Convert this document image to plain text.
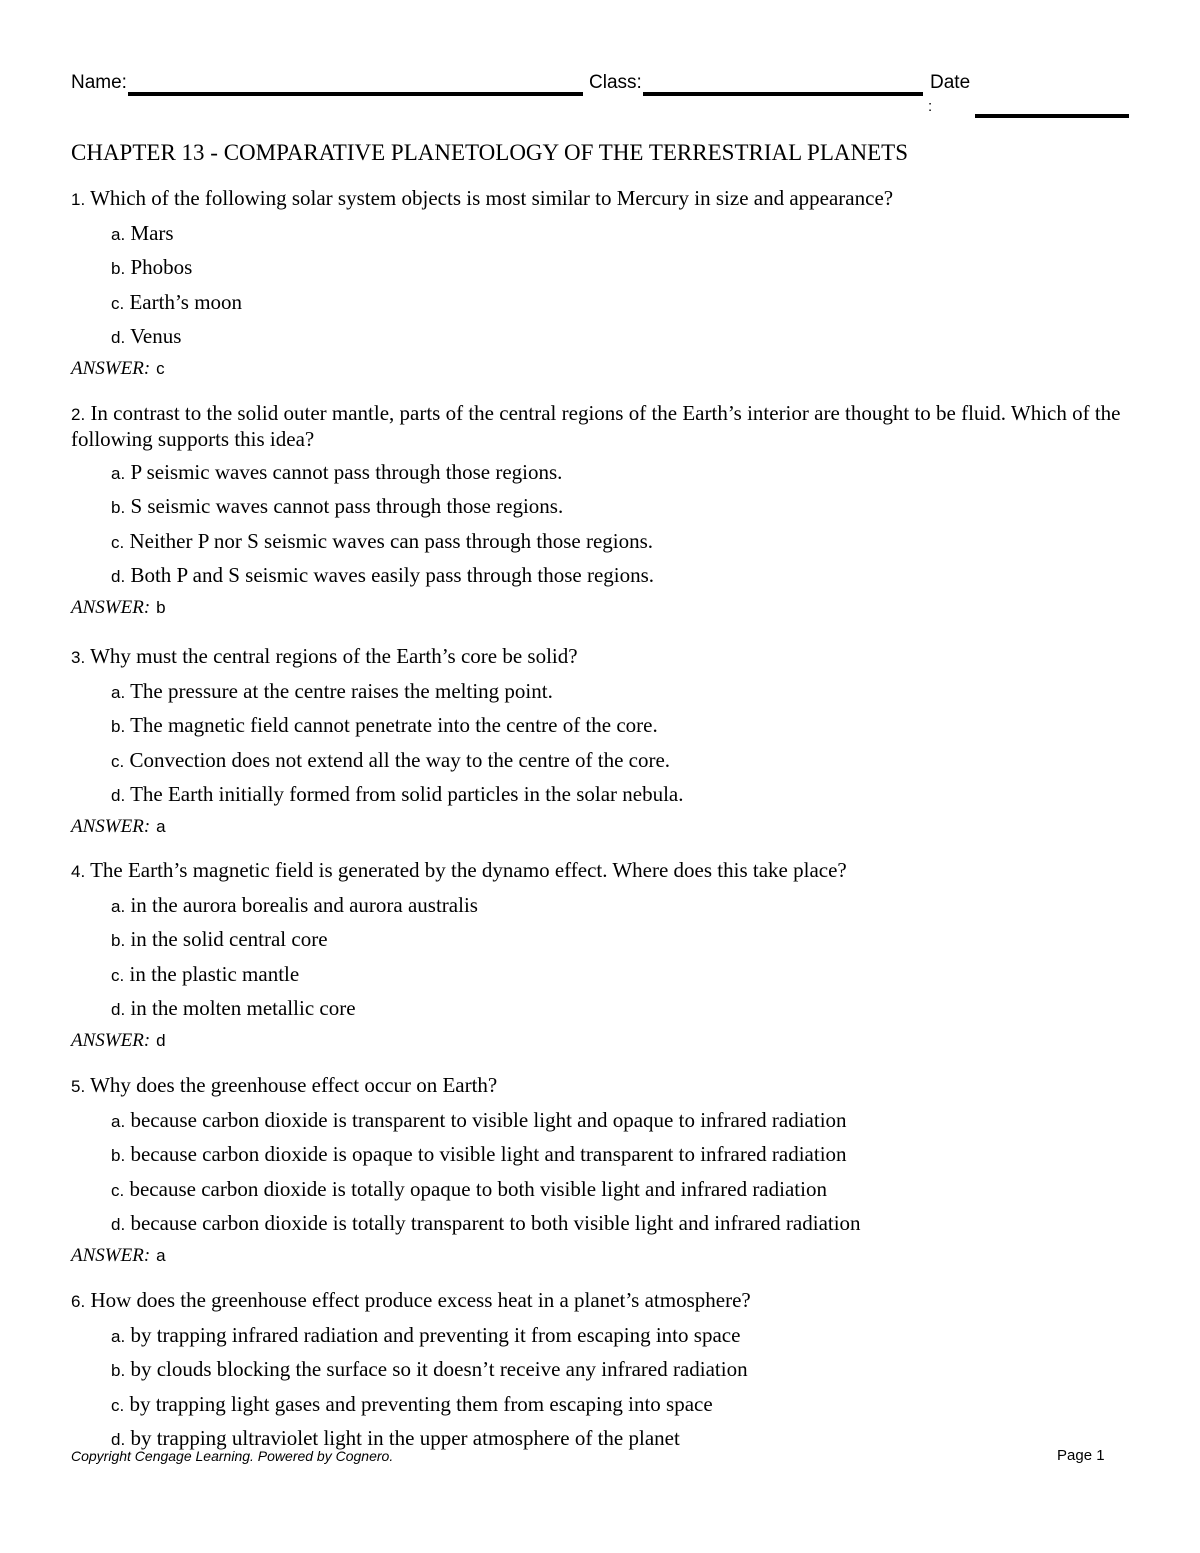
Name:	Class:	Date
:
CHAPTER 13 - COMPARATIVE PLANETOLOGY OF THE TERRESTRIAL PLANETS

1. Which of the following solar system objects is most similar to Mercury in size and appearance?

a. Mars
b. Phobos
c. Earth’s moon
d. Venus
ANSWER: c

2. In contrast to the solid outer mantle, parts of the central regions of the Earth’s interior are thought to be fluid. Which of the following supports this idea?

a. P seismic waves cannot pass through those regions.
b. S seismic waves cannot pass through those regions.
c. Neither P nor S seismic waves can pass through those regions.
d. Both P and S seismic waves easily pass through those regions.
ANSWER: b

3. Why must the central regions of the Earth’s core be solid?

a. The pressure at the centre raises the melting point.
b. The magnetic field cannot penetrate into the centre of the core.
c. Convection does not extend all the way to the centre of the core.
d. The Earth initially formed from solid particles in the solar nebula.
ANSWER: a

4. The Earth’s magnetic field is generated by the dynamo effect. Where does this take place?

a. in the aurora borealis and aurora australis
b. in the solid central core
c. in the plastic mantle
d. in the molten metallic core
ANSWER: d

5. Why does the greenhouse effect occur on Earth?

a. because carbon dioxide is transparent to visible light and opaque to infrared radiation
b. because carbon dioxide is opaque to visible light and transparent to infrared radiation
c. because carbon dioxide is totally opaque to both visible light and infrared radiation
d. because carbon dioxide is totally transparent to both visible light and infrared radiation
ANSWER: a

6. How does the greenhouse effect produce excess heat in a planet’s atmosphere?

a. by trapping infrared radiation and preventing it from escaping into space
b. by clouds blocking the surface so it doesn’t receive any infrared radiation
c. by trapping light gases and preventing them from escaping into space
d. by trapping ultraviolet light in the upper atmosphere of the planet
Copyright Cengage Learning. Powered by Cognero.	Page 1
